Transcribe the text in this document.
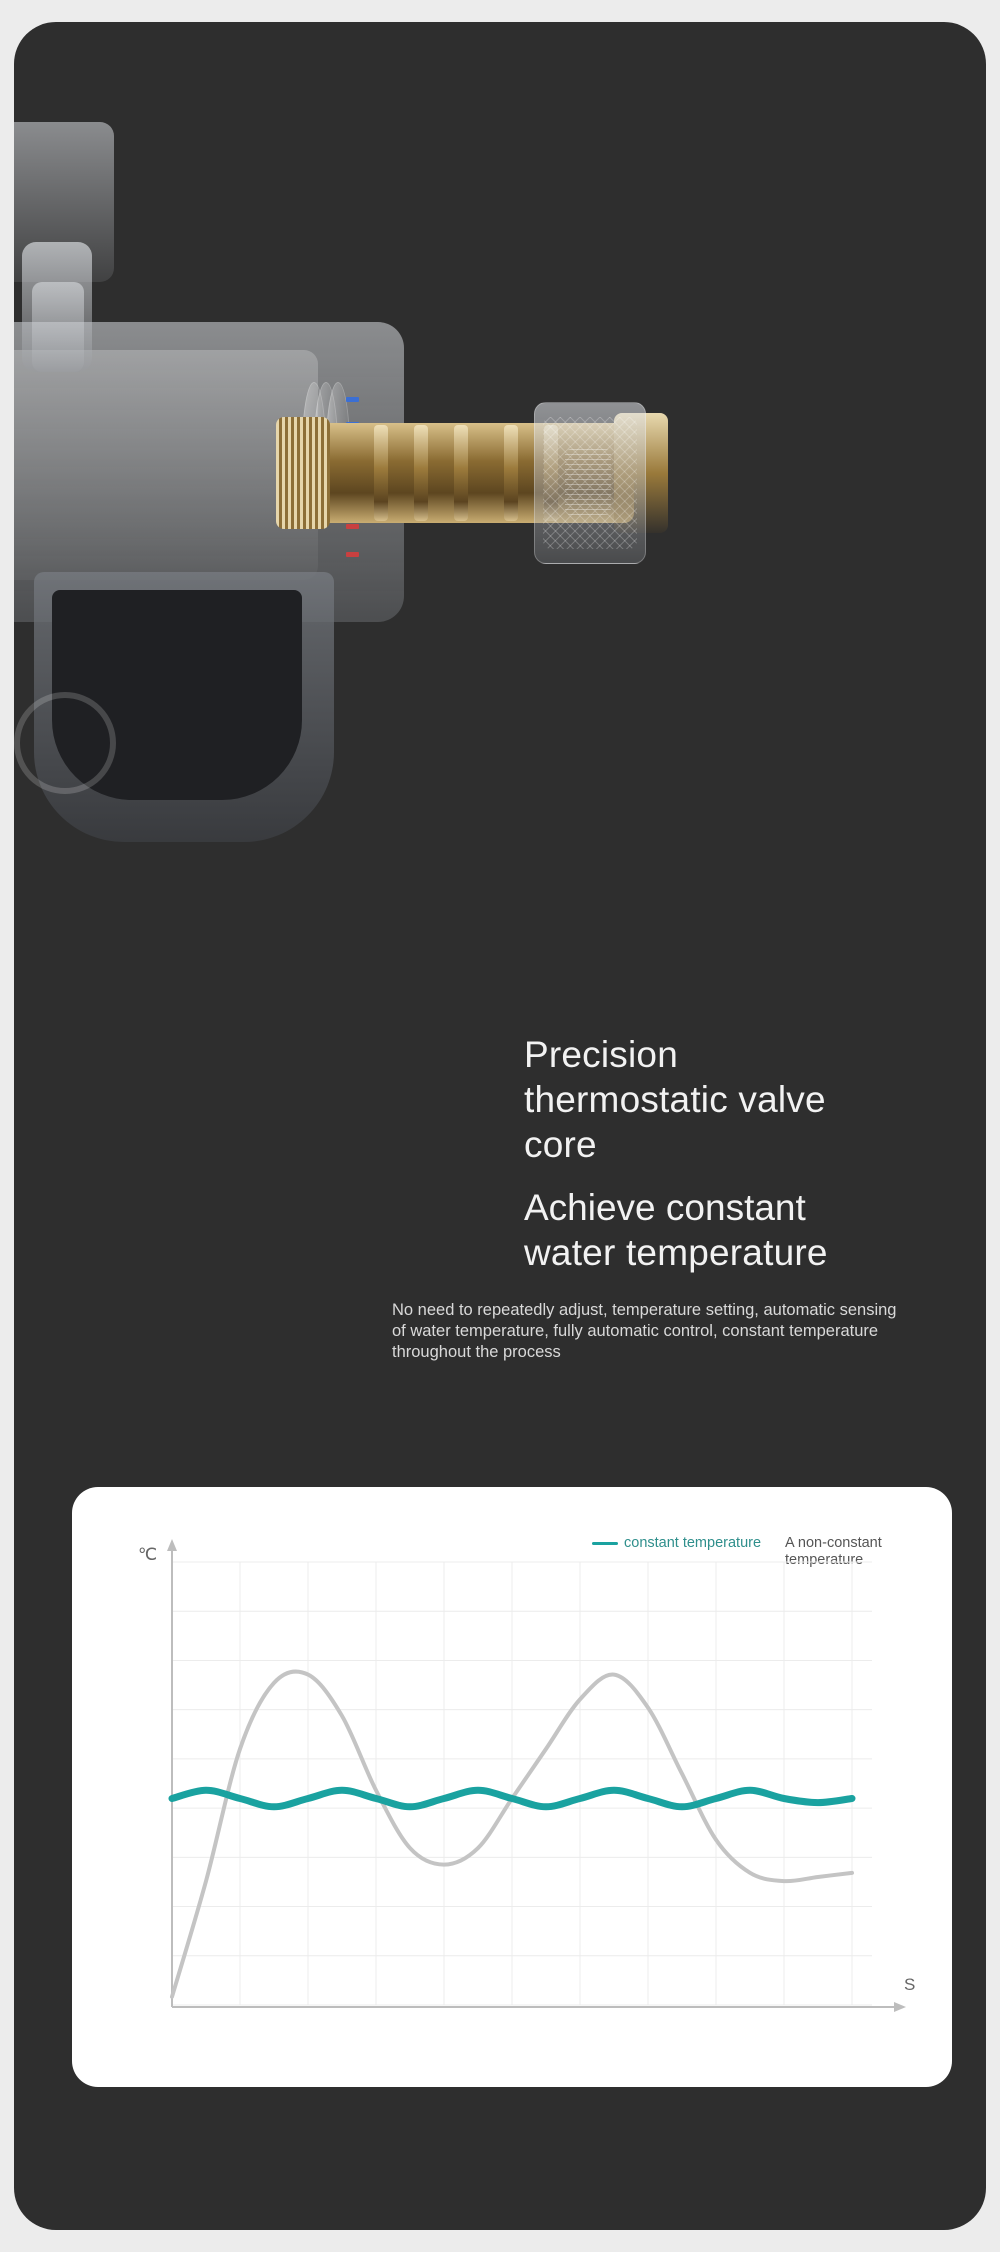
Precision
thermostatic valve
core
Achieve constant
water temperature
No need to repeatedly adjust, temperature setting, automatic sensing of water temperature, fully automatic control, constant temperature throughout the process
constant temperature A non-constant temperature
℃
S
